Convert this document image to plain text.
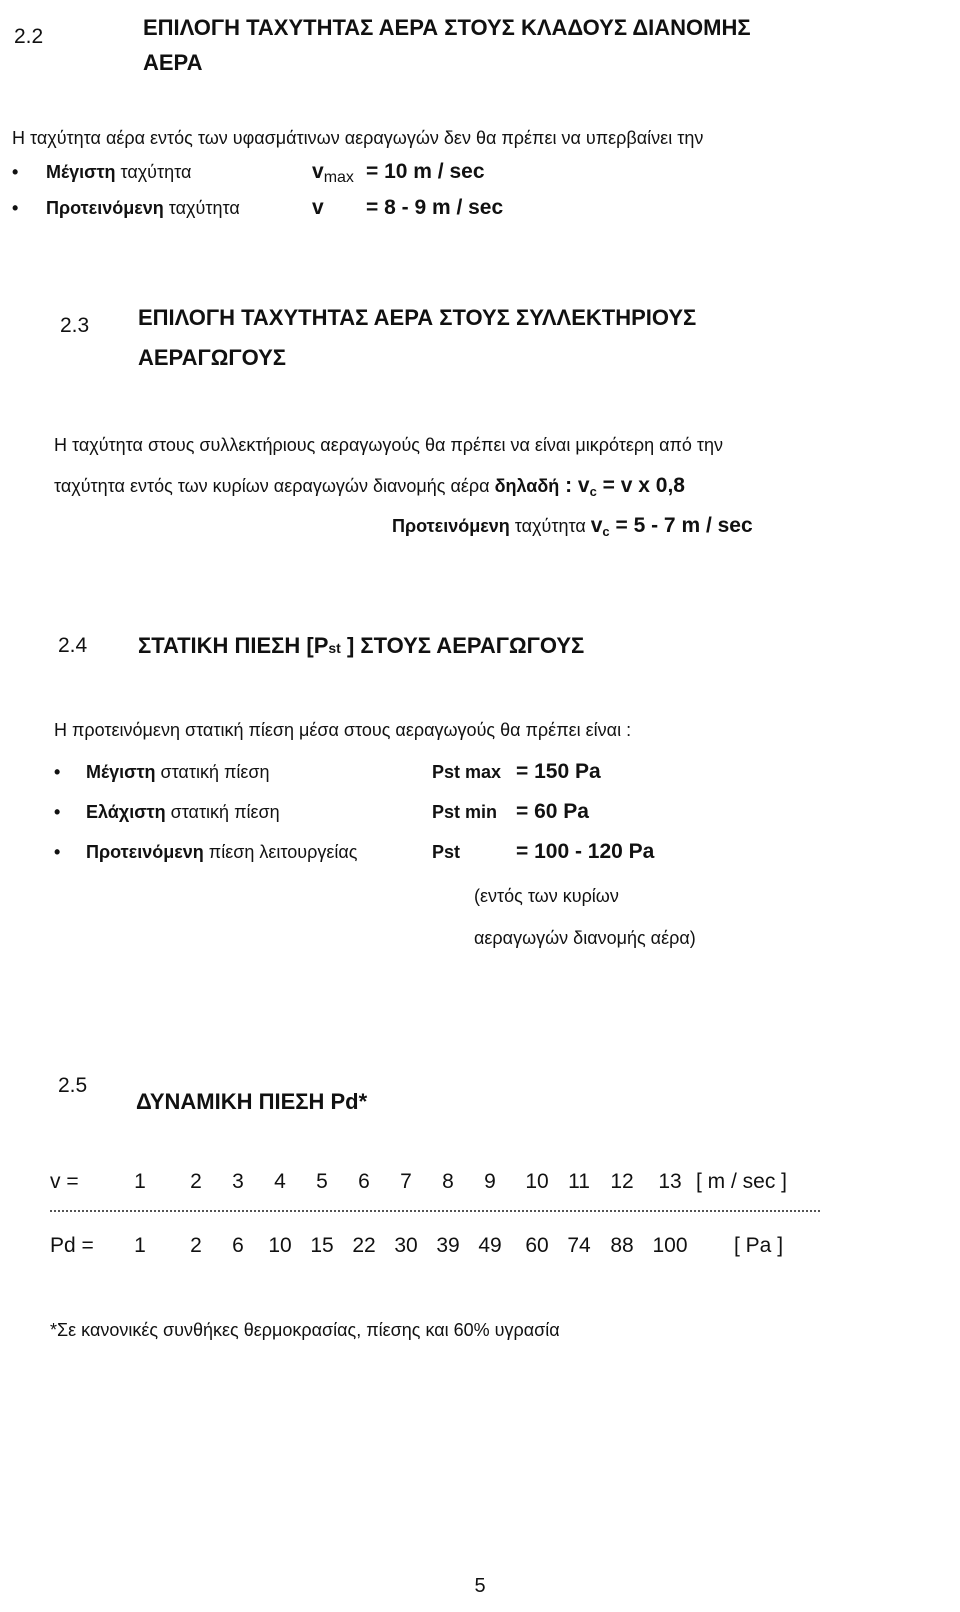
2.2	ΕΠΙΛΟΓΗ ΤΑΧΥΤΗΤΑΣ ΑΕΡΑ ΣΤΟΥΣ ΚΛΑΔΟΥΣ ΔΙΑΝΟΜΗΣ
ΑΕΡΑ
Η ταχύτητα αέρα εντός των υφασμάτινων αεραγωγών δεν θα πρέπει να υπερβαίνει την
• Μέγιστη ταχύτητα	$v_{max} = 10$ m / sec
• Προτεινόμενη ταχύτητα	v = 8 - 9 m / sec
2.3 ΕΠΙΛΟΓΗ ΤΑΧΥΤΗΤΑΣ ΑΕΡΑ ΣΤΟΥΣ ΣΥΛΛΕΚΤΗΡΙΟΥΣ
ΑΕΡΑΓΩΓΟΥΣ
Η ταχύτητα στους συλλεκτήριους αεραγωγούς θα πρέπει να είναι μικρότερη από την
ταχύτητα εντός των κυρίων αεραγωγών διανομής αέρα δηλαδή : $v_c = v$ x 0,8
Προτεινόμενη ταχύτητα $v_c = 5 - 7$ m / sec
2.4 ΣΤΑΤΙΚΗ ΠΙΕΣΗ [Pst ] ΣΤΟΥΣ ΑΕΡΑΓΩΓΟΥΣ
Η προτεινόμενη στατική πίεση μέσα στους αεραγωγούς θα πρέπει είναι :
• Μέγιστη στατική πίεση	Pst max = 150 Pa
• Ελάχιστη στατική πίεση	Pst min = 60 Pa
• Προτεινόμενη πίεση λειτουργείας	Pst	= 100 - 120 Pa
(εντός των κυρίων
αεραγωγών διανομής αέρα)
2.5
ΔΥΝΑΜΙΚΗ ΠΙΕΣΗ Pd*
v =	1	2	3	4	5	6	7	8	9	10 11 12	13 [ m / sec ]
Pd =	1	2	6	10 15 22 30 39 49	60 74 88 100 [ Pa ]
*Σε κανονικές συνθήκες θερμοκρασίας, πίεσης και 60% υγρασία
5
